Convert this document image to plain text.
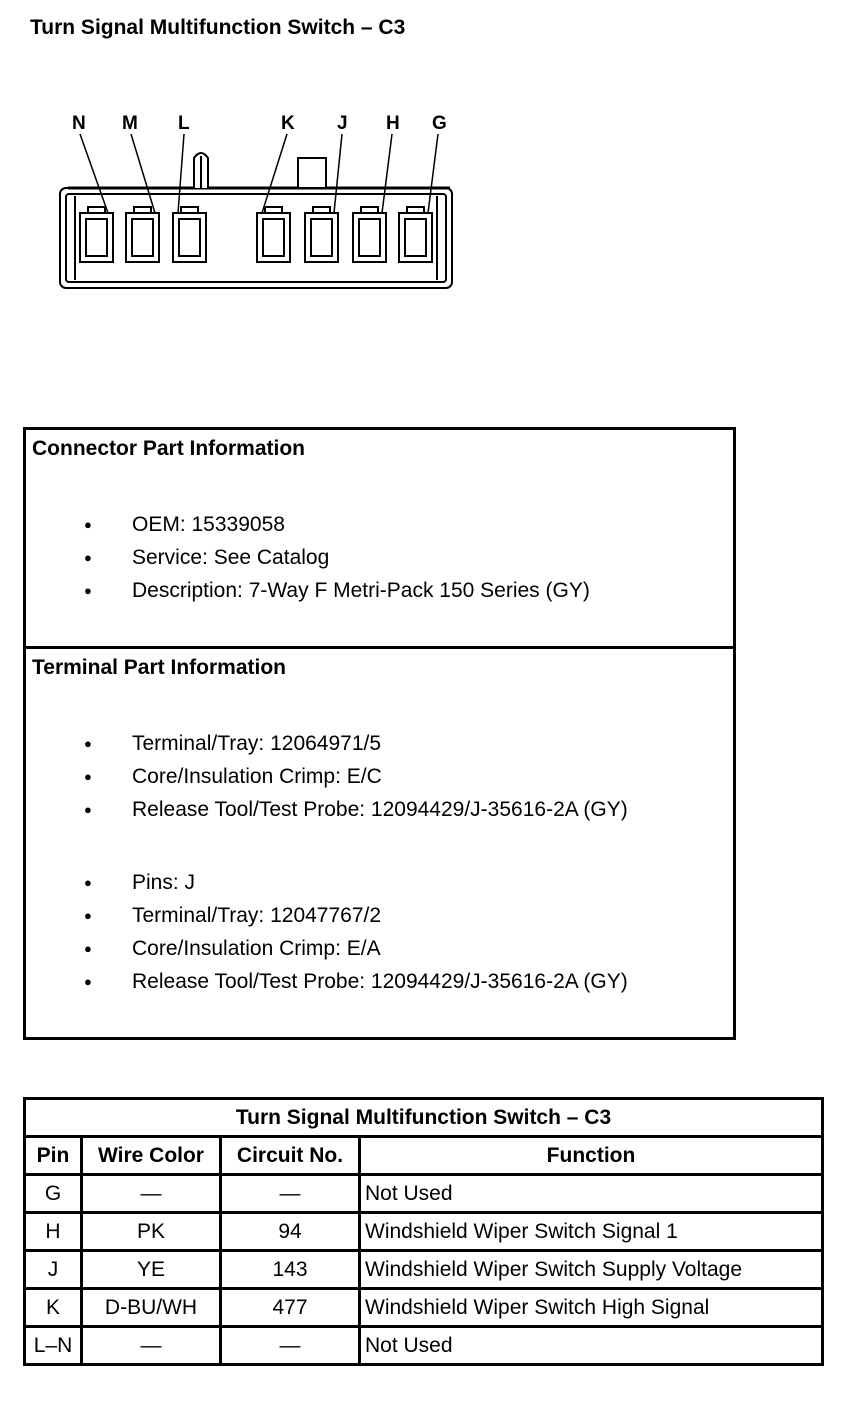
Turn Signal Multifunction Switch – C3
N M L	K J H G
Connector Part Information
● OEM: 15339058
● Service: See Catalog
● Description: 7-Way F Metri-Pack 150 Series (GY)
Terminal Part Information
● Terminal/Tray: 12064971/5
● Core/Insulation Crimp: E/C
● Release Tool/Test Probe: 12094429/J-35616-2A (GY)
● Pins: J
● Terminal/Tray: 12047767/2
● Core/Insulation Crimp: E/A
● Release Tool/Test Probe: 12094429/J-35616-2A (GY)
Turn Signal Multifunction Switch – C3			
Pin	Wire Color	Circuit No.	Function
G	—	—	Not Used
H	PK	94	Windshield Wiper Switch Signal 1
J	YE	143	Windshield Wiper Switch Supply Voltage
K	D-BU/WH	477	Windshield Wiper Switch High Signal
L–N	—	—	Not Used
